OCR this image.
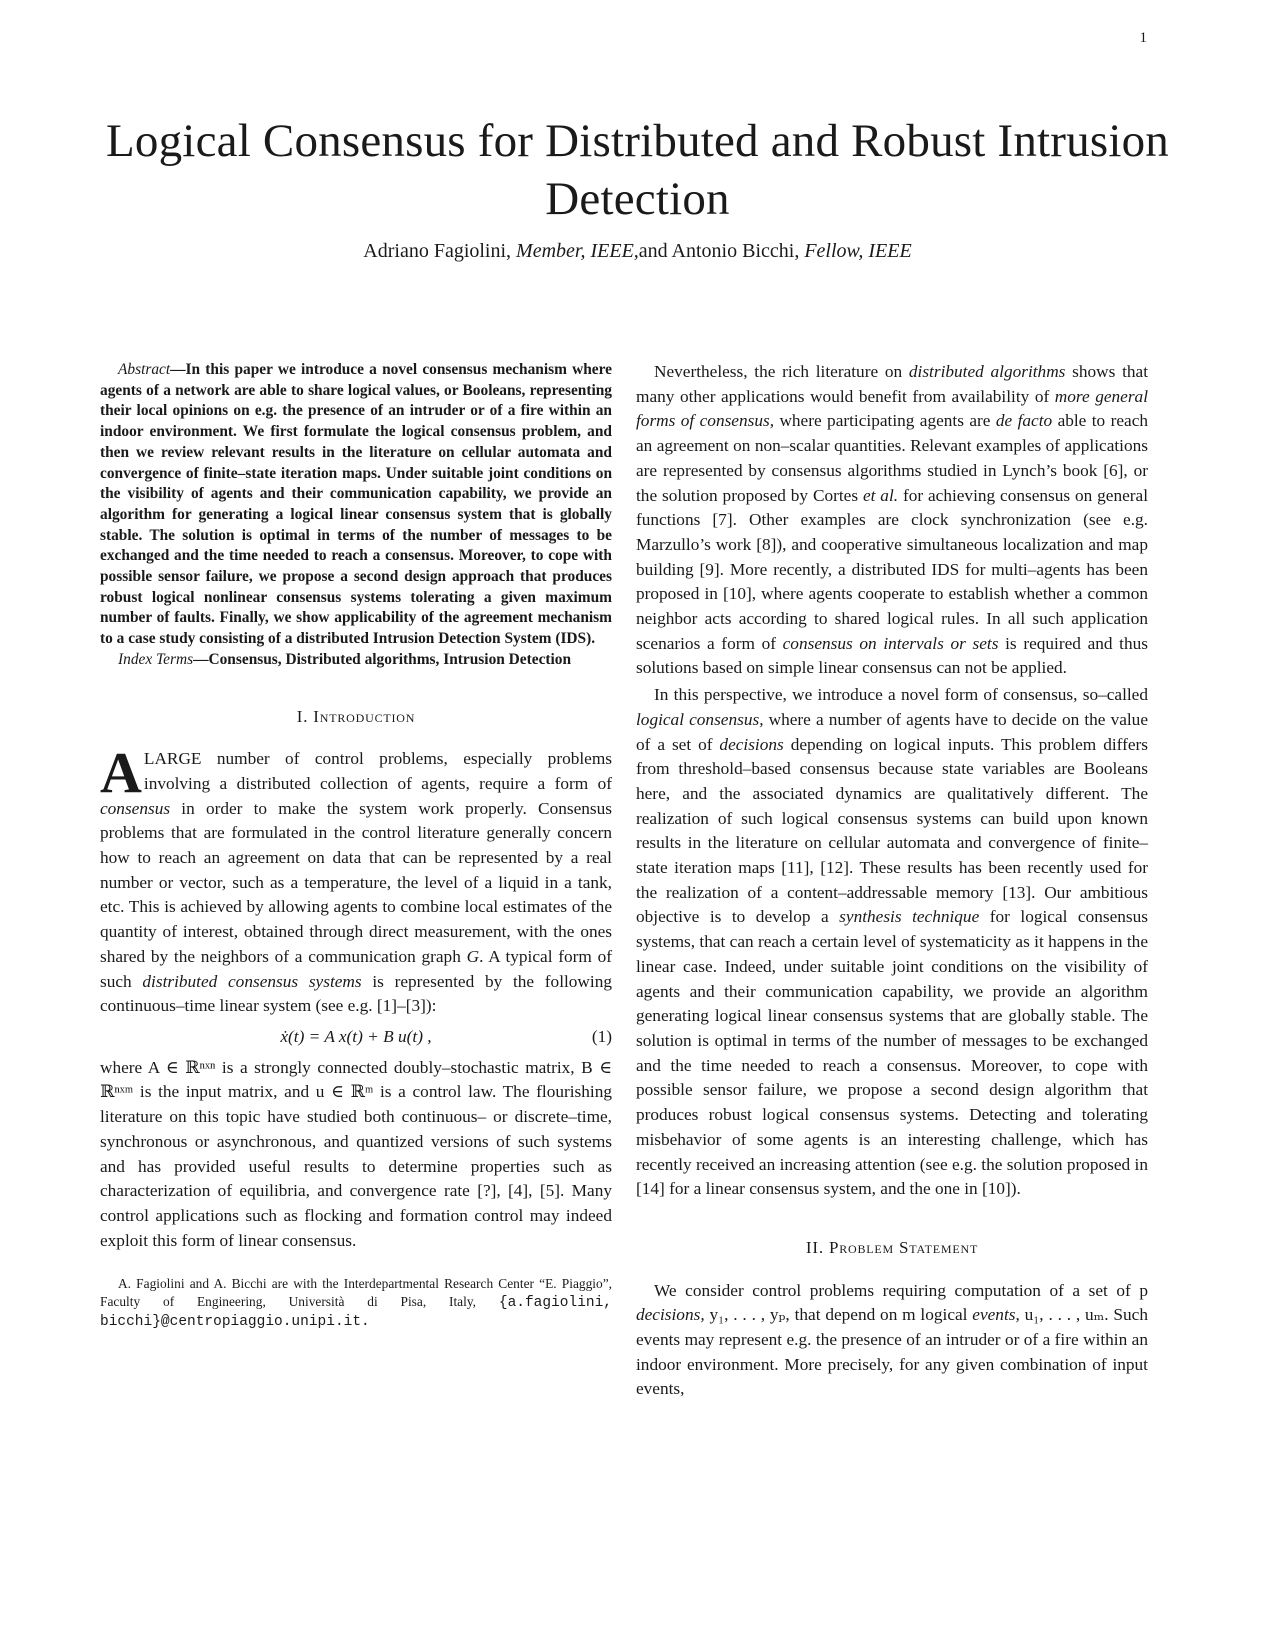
1
Logical Consensus for Distributed and Robust Intrusion Detection
Adriano Fagiolini, Member, IEEE,and Antonio Bicchi, Fellow, IEEE

Abstract—In this paper we introduce a novel consensus mechanism where agents of a network are able to share logical values, or Booleans, representing their local opinions on e.g. the presence of an intruder or of a fire within an indoor environment. We first formulate the logical consensus problem, and then we review relevant results in the literature on cellular automata and convergence of finite–state iteration maps. Under suitable joint conditions on the visibility of agents and their communication capability, we provide an algorithm for generating a logical linear consensus system that is globally stable. The solution is optimal in terms of the number of messages to be exchanged and the time needed to reach a consensus. Moreover, to cope with possible sensor failure, we propose a second design approach that produces robust logical nonlinear consensus systems tolerating a given maximum number of faults. Finally, we show applicability of the agreement mechanism to a case study consisting of a distributed Intrusion Detection System (IDS).

Index Terms—Consensus, Distributed algorithms, Intrusion Detection

I. Introduction

ALARGE number of control problems, especially problems involving a distributed collection of agents, require a form of consensus in order to make the system work properly. Consensus problems that are formulated in the control literature generally concern how to reach an agreement on data that can be represented by a real number or vector, such as a temperature, the level of a liquid in a tank, etc. This is achieved by allowing agents to combine local estimates of the quantity of interest, obtained through direct measurement, with the ones shared by the neighbors of a communication graph G. A typical form of such distributed consensus systems is represented by the following continuous–time linear system (see e.g. [1]–[3]):

ẋ(t) = A x(t) + B u(t) ,	(1)

where A ∈ ℝⁿˣⁿ is a strongly connected doubly–stochastic matrix, B ∈ ℝⁿˣᵐ is the input matrix, and u ∈ ℝᵐ is a control law. The flourishing literature on this topic have studied both continuous– or discrete–time, synchronous or asynchronous, and quantized versions of such systems and has provided useful results to determine properties such as characterization of equilibria, and convergence rate [?], [4], [5]. Many control applications such as flocking and formation control may indeed exploit this form of linear consensus.

A. Fagiolini and A. Bicchi are with the Interdepartmental Research Center “E. Piaggio”, Faculty of Engineering, Università di Pisa, Italy, {a.fagiolini, bicchi}@centropiaggio.unipi.it.

Nevertheless, the rich literature on distributed algorithms shows that many other applications would benefit from availability of more general forms of consensus, where participating agents are de facto able to reach an agreement on non–scalar quantities. Relevant examples of applications are represented by consensus algorithms studied in Lynch’s book [6], or the solution proposed by Cortes et al. for achieving consensus on general functions [7]. Other examples are clock synchronization (see e.g. Marzullo’s work [8]), and cooperative simultaneous localization and map building [9]. More recently, a distributed IDS for multi–agents has been proposed in [10], where agents cooperate to establish whether a common neighbor acts according to shared logical rules. In all such application scenarios a form of consensus on intervals or sets is required and thus solutions based on simple linear consensus can not be applied.

In this perspective, we introduce a novel form of consensus, so–called logical consensus, where a number of agents have to decide on the value of a set of decisions depending on logical inputs. This problem differs from threshold–based consensus because state variables are Booleans here, and the associated dynamics are qualitatively different. The realization of such logical consensus systems can build upon known results in the literature on cellular automata and convergence of finite–state iteration maps [11], [12]. These results has been recently used for the realization of a content–addressable memory [13]. Our ambitious objective is to develop a synthesis technique for logical consensus systems, that can reach a certain level of systematicity as it happens in the linear case. Indeed, under suitable joint conditions on the visibility of agents and their communication capability, we provide an algorithm generating logical linear consensus systems that are globally stable. The solution is optimal in terms of the number of messages to be exchanged and the time needed to reach a consensus. Moreover, to cope with possible sensor failure, we propose a second design algorithm that produces robust logical consensus systems. Detecting and tolerating misbehavior of some agents is an interesting challenge, which has recently received an increasing attention (see e.g. the solution proposed in [14] for a linear consensus system, and the one in [10]).

II. Problem Statement

We consider control problems requiring computation of a set of p decisions, y₁, . . . , yₚ, that depend on m logical events, u₁, . . . , uₘ. Such events may represent e.g. the presence of an intruder or of a fire within an indoor environment. More precisely, for any given combination of input events,
